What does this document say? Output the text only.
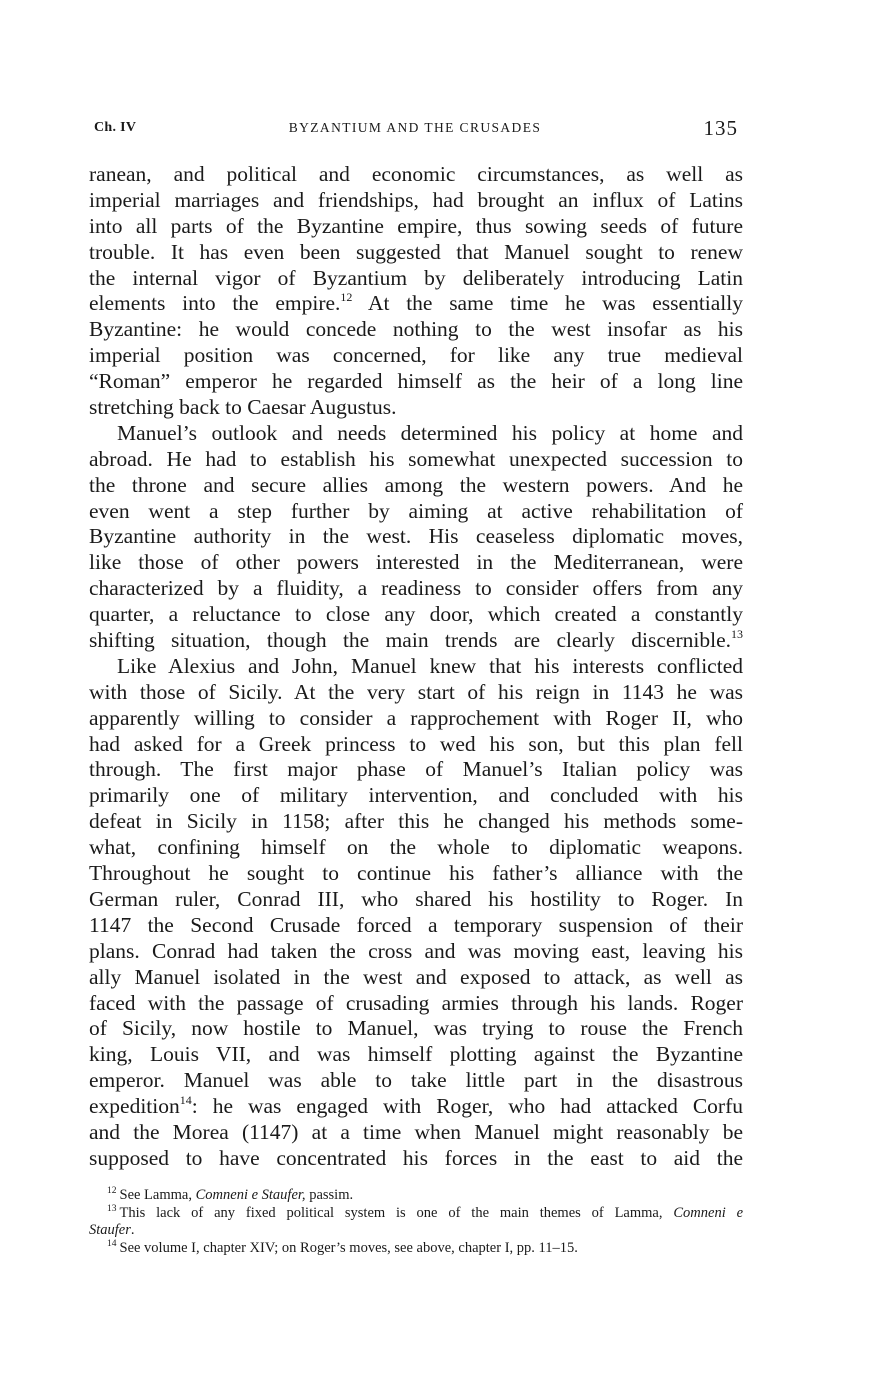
Ch. IV	BYZANTIUM AND THE CRUSADES	135
ranean, and political and economic circumstances, as well as
imperial marriages and friendships, had brought an influx of Latins
into all parts of the Byzantine empire, thus sowing seeds of future
trouble. It has even been suggested that Manuel sought to renew
the internal vigor of Byzantium by deliberately introducing Latin
elements into the empire.$^{12}$ At the same time he was essentially
Byzantine: he would concede nothing to the west insofar as his
imperial position was concerned, for like any true medieval
“Roman” emperor he regarded himself as the heir of a long line
stretching back to Caesar Augustus.
Manuel’s outlook and needs determined his policy at home and
abroad. He had to establish his somewhat unexpected succession to
the throne and secure allies among the western powers. And he
even went a step further by aiming at active rehabilitation of
Byzantine authority in the west. His ceaseless diplomatic moves,
like those of other powers interested in the Mediterranean, were
characterized by a fluidity, a readiness to consider offers from any
quarter, a reluctance to close any door, which created a constantly
shifting situation, though the main trends are clearly discernible.$^{13}$
Like Alexius and John, Manuel knew that his interests conflicted
with those of Sicily. At the very start of his reign in 1143 he was
apparently willing to consider a rapprochement with Roger II, who
had asked for a Greek princess to wed his son, but this plan fell
through. The first major phase of Manuel’s Italian policy was
primarily one of military intervention, and concluded with his
defeat in Sicily in 1158; after this he changed his methods some-
what, confining himself on the whole to diplomatic weapons.
Throughout he sought to continue his father’s alliance with the
German ruler, Conrad III, who shared his hostility to Roger. In
1147 the Second Crusade forced a temporary suspension of their
plans. Conrad had taken the cross and was moving east, leaving his
ally Manuel isolated in the west and exposed to attack, as well as
faced with the passage of crusading armies through his lands. Roger
of Sicily, now hostile to Manuel, was trying to rouse the French
king, Louis VII, and was himself plotting against the Byzantine
emperor. Manuel was able to take little part in the disastrous
expedition$^{14}$: he was engaged with Roger, who had attacked Corfu
and the Morea (1147) at a time when Manuel might reasonably be
supposed to have concentrated his forces in the east to aid the
$^{12}$ See Lamma, Comneni e Staufer, passim.
$^{13}$ This lack of any fixed political system is one of the main themes of Lamma, Comneni e
Staufer.
$^{14}$ See volume I, chapter XIV; on Roger’s moves, see above, chapter I, pp. 11–15.
